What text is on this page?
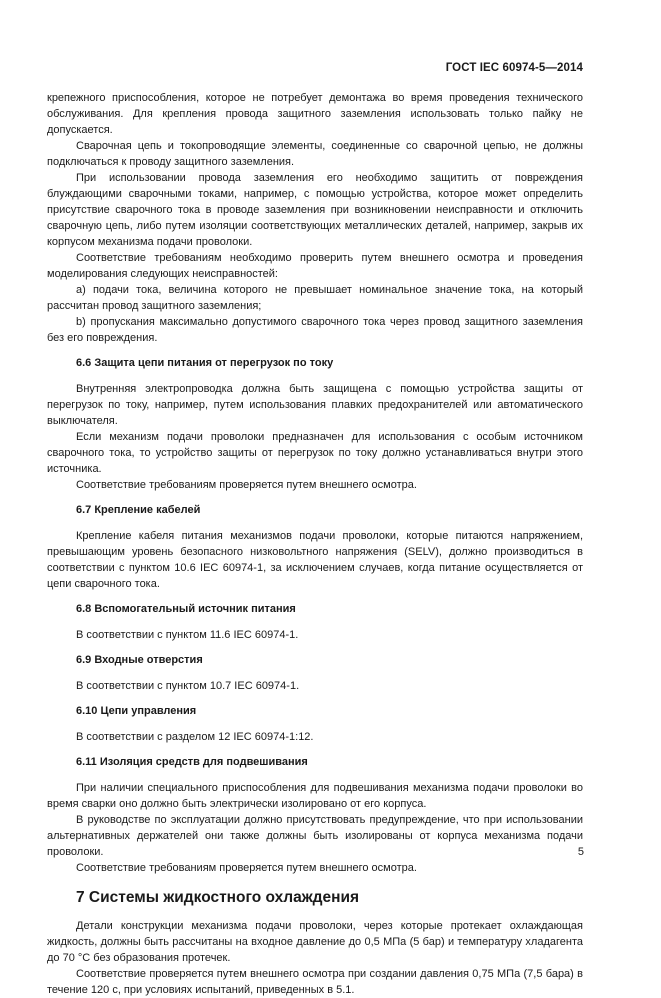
ГОСТ IEC 60974-5—2014

крепежного приспособления, которое не потребует демонтажа во время проведения технического обслуживания. Для крепления провода защитного заземления использовать только пайку не допускается.

Сварочная цепь и токопроводящие элементы, соединенные со сварочной цепью, не должны подключаться к проводу защитного заземления.

При использовании провода заземления его необходимо защитить от повреждения блуждающими сварочными токами, например, с помощью устройства, которое может определить присутствие сварочного тока в проводе заземления при возникновении неисправности и отключить сварочную цепь, либо путем изоляции соответствующих металлических деталей, например, закрыв их корпусом механизма подачи проволоки.

Соответствие требованиям необходимо проверить путем внешнего осмотра и проведения моделирования следующих неисправностей:

a) подачи тока, величина которого не превышает номинальное значение тока, на который рассчитан провод защитного заземления;

b) пропускания максимально допустимого сварочного тока через провод защитного заземления без его повреждения.

6.6 Защита цепи питания от перегрузок по току

Внутренняя электропроводка должна быть защищена с помощью устройства защиты от перегрузок по току, например, путем использования плавких предохранителей или автоматического выключателя.

Если механизм подачи проволоки предназначен для использования с особым источником сварочного тока, то устройство защиты от перегрузок по току должно устанавливаться внутри этого источника.

Соответствие требованиям проверяется путем внешнего осмотра.

6.7 Крепление кабелей

Крепление кабеля питания механизмов подачи проволоки, которые питаются напряжением, превышающим уровень безопасного низковольтного напряжения (SELV), должно производиться в соответствии с пунктом 10.6 IEC 60974-1, за исключением случаев, когда питание осуществляется от цепи сварочного тока.

6.8 Вспомогательный источник питания

В соответствии с пунктом 11.6 IEC 60974-1.

6.9 Входные отверстия

В соответствии с пунктом 10.7 IEC 60974-1.

6.10 Цепи управления

В соответствии с разделом 12 IEC 60974-1:12.

6.11 Изоляция средств для подвешивания

При наличии специального приспособления для подвешивания механизма подачи проволоки во время сварки оно должно быть электрически изолировано от его корпуса.

В руководстве по эксплуатации должно присутствовать предупреждение, что при использовании альтернативных держателей они также должны быть изолированы от корпуса механизма подачи проволоки.

Соответствие требованиям проверяется путем внешнего осмотра.

7 Системы жидкостного охлаждения

Детали конструкции механизма подачи проволоки, через которые протекает охлаждающая жидкость, должны быть рассчитаны на входное давление до 0,5 МПа (5 бар) и температуру хладагента до 70 °С без образования протечек.

Соответствие проверяется путем внешнего осмотра при создании давления 0,75 МПа (7,5 бара) в течение 120 с, при условиях испытаний, приведенных в 5.1.

5
